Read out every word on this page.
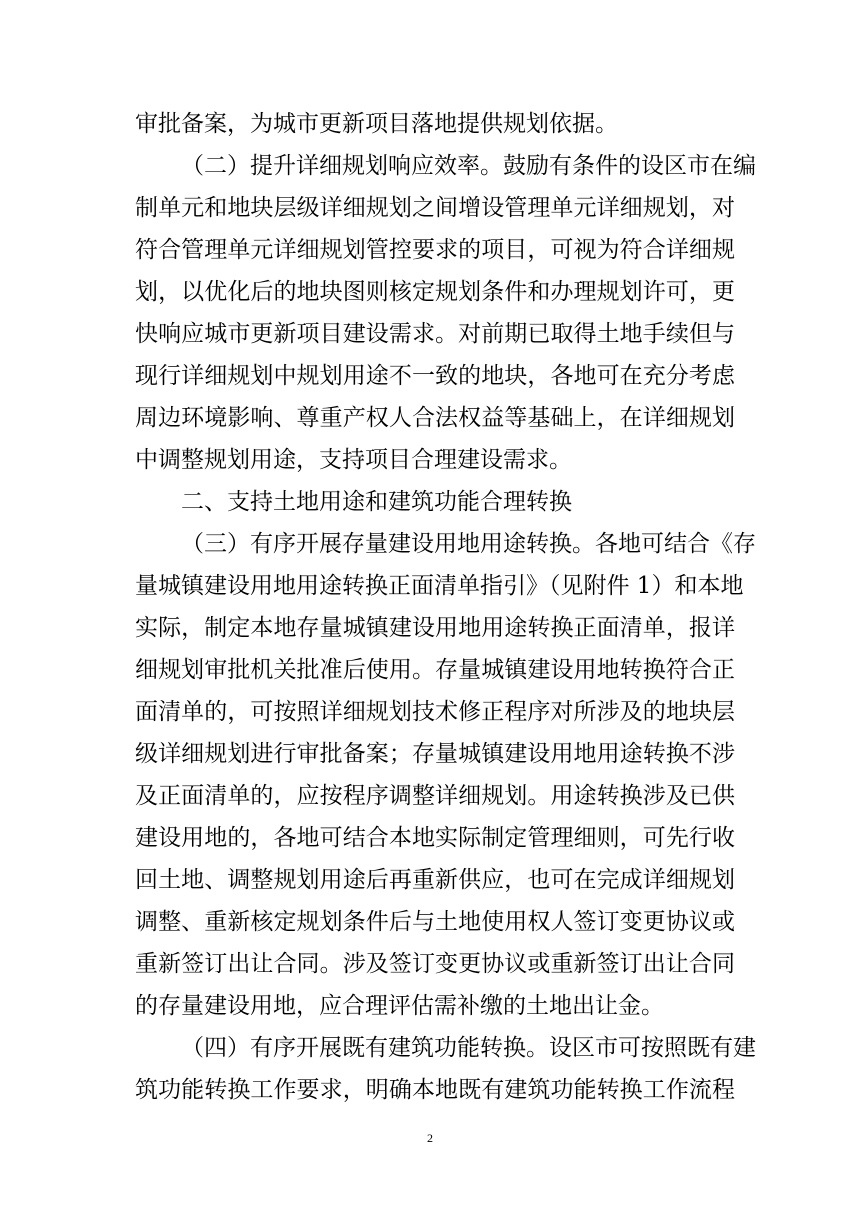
审批备案，为城市更新项目落地提供规划依据。
（二）提升详细规划响应效率。鼓励有条件的设区市在编
制单元和地块层级详细规划之间增设管理单元详细规划，对
符合管理单元详细规划管控要求的项目，可视为符合详细规
划，以优化后的地块图则核定规划条件和办理规划许可，更
快响应城市更新项目建设需求。对前期已取得土地手续但与
现行详细规划中规划用途不一致的地块，各地可在充分考虑
周边环境影响、尊重产权人合法权益等基础上，在详细规划
中调整规划用途，支持项目合理建设需求。
二、支持土地用途和建筑功能合理转换
（三）有序开展存量建设用地用途转换。各地可结合《存
量城镇建设用地用途转换正面清单指引》（见附件 1）和本地
实际，制定本地存量城镇建设用地用途转换正面清单，报详
细规划审批机关批准后使用。存量城镇建设用地转换符合正
面清单的，可按照详细规划技术修正程序对所涉及的地块层
级详细规划进行审批备案；存量城镇建设用地用途转换不涉
及正面清单的，应按程序调整详细规划。用途转换涉及已供
建设用地的，各地可结合本地实际制定管理细则，可先行收
回土地、调整规划用途后再重新供应，也可在完成详细规划
调整、重新核定规划条件后与土地使用权人签订变更协议或
重新签订出让合同。涉及签订变更协议或重新签订出让合同
的存量建设用地，应合理评估需补缴的土地出让金。
2
（四）有序开展既有建筑功能转换。设区市可按照既有建
筑功能转换工作要求，明确本地既有建筑功能转换工作流程
